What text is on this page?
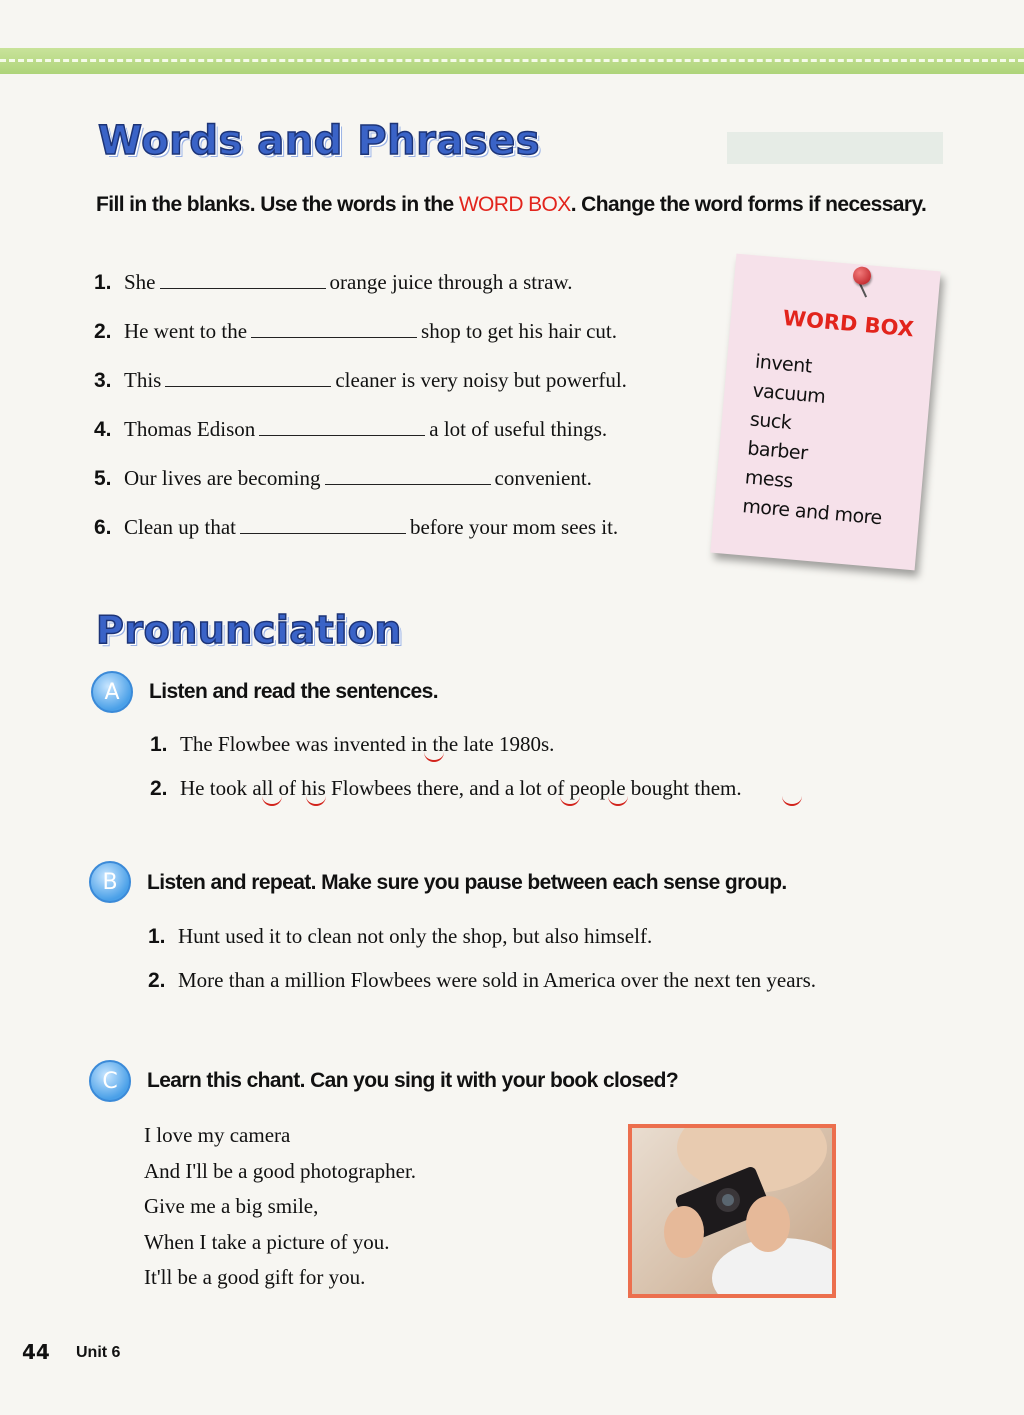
Words and Phrases
Fill in the blanks. Use the words in the WORD BOX. Change the word forms if necessary.
1. She	orange juice through a straw.
2. He went to the	shop to get his hair cut.
3. This	cleaner is very noisy but powerful.
4. Thomas Edison	a lot of useful things.
5. Our lives are becoming	convenient.
6. Clean up that	before your mom sees it.
WORD BOX
invent
vacuum
suck
barber
mess
more and more
Pronunciation
A	Listen and read the sentences.
1. The Flowbee was invented in the late 1980s.
2. He took all of his Flowbees there, and a lot of people bought them.
B	Listen and repeat. Make sure you pause between each sense group.
1. Hunt used it to clean not only the shop, but also himself.
2. More than a million Flowbees were sold in America over the next ten years.
C	Learn this chant. Can you sing it with your book closed?
I love my camera
And I'll be a good photographer.
Give me a big smile,
When I take a picture of you.
It'll be a good gift for you.
44 Unit 6
